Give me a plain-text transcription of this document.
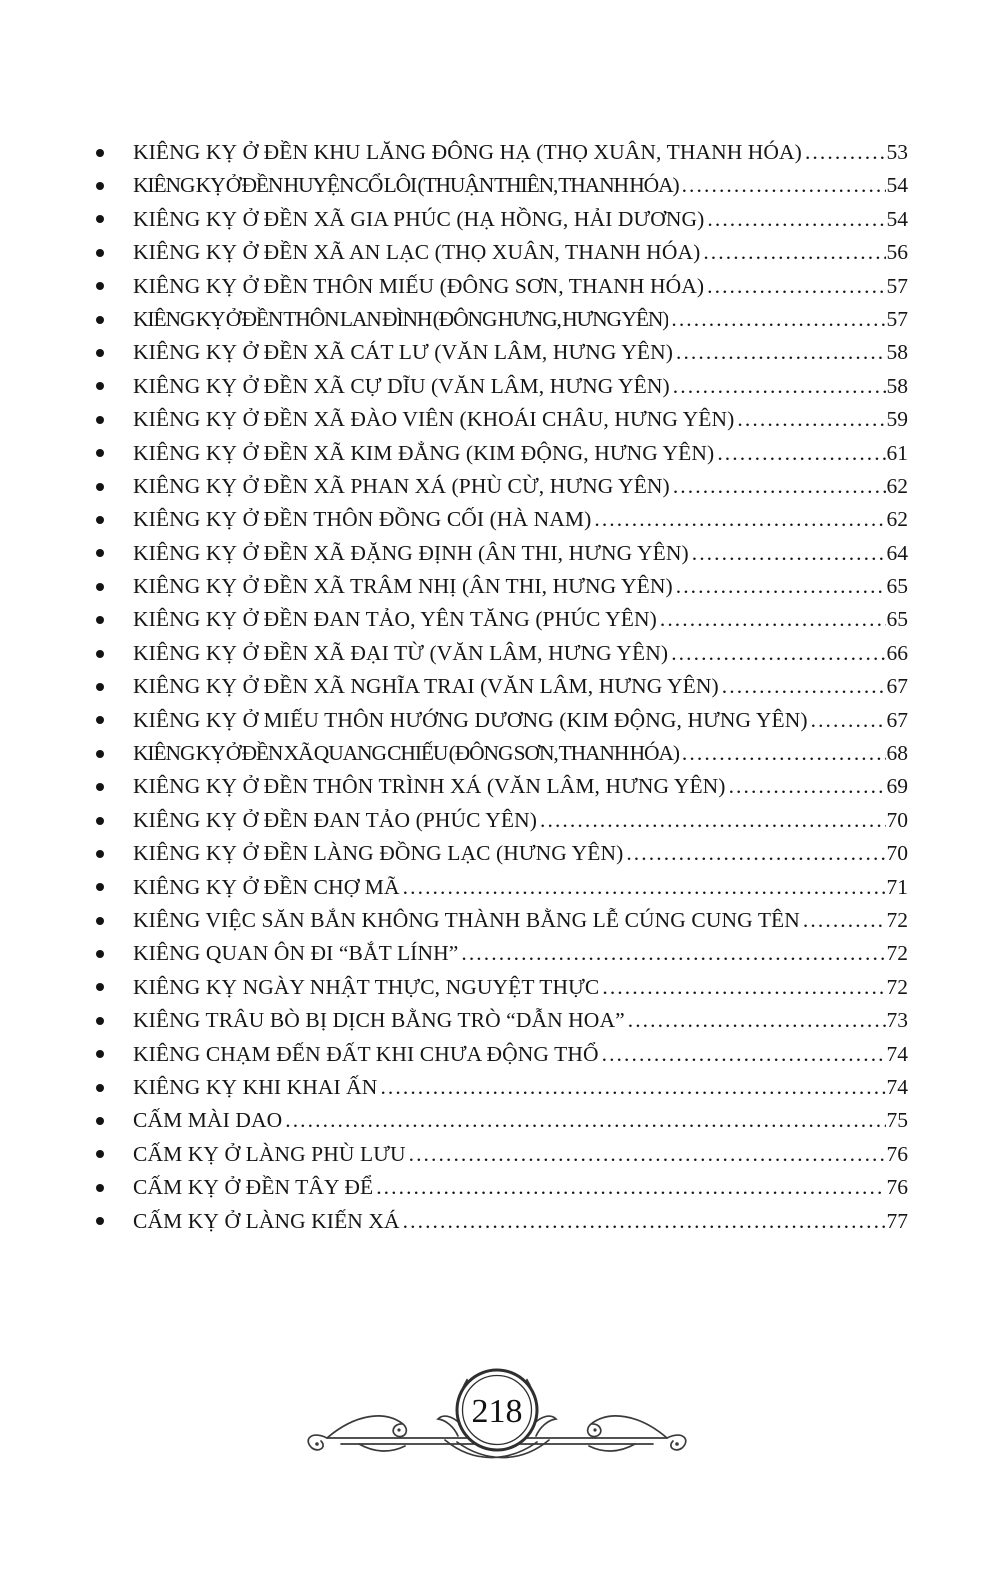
KIÊNG KỴ Ở ĐỀN KHU LĂNG ĐÔNG HẠ (THỌ XUÂN, THANH HÓA) .....	53
KIÊNG KỴ Ở ĐỀN HUYỆN CỔ LÔI (THUẬN THIÊN, THANH HÓA) .....	54
KIÊNG KỴ Ở ĐỀN XÃ GIA PHÚC (HẠ HỒNG, HẢI DƯƠNG) .....	54
KIÊNG KỴ Ở ĐỀN XÃ AN LẠC (THỌ XUÂN, THANH HÓA) .....	56
KIÊNG KỴ Ở ĐỀN THÔN MIẾU (ĐÔNG SƠN, THANH HÓA) .....	57
KIÊNG KỴ Ở ĐỀN THÔN LAN ĐÌNH (ĐÔNG HƯNG, HƯNG YÊN) .....	57
KIÊNG KỴ Ở ĐỀN XÃ CÁT LƯ (VĂN LÂM, HƯNG YÊN) .....	58
KIÊNG KỴ Ở ĐỀN XÃ CỰ DĨU (VĂN LÂM, HƯNG YÊN) .....	58
KIÊNG KỴ Ở ĐỀN XÃ ĐÀO VIÊN (KHOÁI CHÂU, HƯNG YÊN) .....	59
KIÊNG KỴ Ở ĐỀN XÃ KIM ĐẲNG (KIM ĐỘNG, HƯNG YÊN) .....	61
KIÊNG KỴ Ở ĐỀN XÃ PHAN XÁ (PHÙ CỪ, HƯNG YÊN) .....	62
KIÊNG KỴ Ở ĐỀN THÔN ĐỒNG CỐI (HÀ NAM) .....	62
KIÊNG KỴ Ở ĐỀN XÃ ĐẶNG ĐỊNH (ÂN THI, HƯNG YÊN) .....	64
KIÊNG KỴ Ở ĐỀN XÃ TRÂM NHỊ (ÂN THI, HƯNG YÊN) .....	65
KIÊNG KỴ Ở ĐỀN ĐAN TẢO, YÊN TĂNG (PHÚC YÊN) .....	65
KIÊNG KỴ Ở ĐỀN XÃ ĐẠI TỪ (VĂN LÂM, HƯNG YÊN) .....	66
KIÊNG KỴ Ở ĐỀN XÃ NGHĨA TRAI (VĂN LÂM, HƯNG YÊN) .....	67
KIÊNG KỴ Ở MIẾU THÔN HƯỚNG DƯƠNG (KIM ĐỘNG, HƯNG YÊN) .....	67
KIÊNG KỴ Ở ĐỀN XÃ QUANG CHIẾU (ĐÔNG SƠN, THANH HÓA) .....	68
KIÊNG KỴ Ở ĐỀN THÔN TRÌNH XÁ (VĂN LÂM, HƯNG YÊN) .....	69
KIÊNG KỴ Ở ĐỀN ĐAN TẢO (PHÚC YÊN) .....	70
KIÊNG KỴ Ở ĐỀN LÀNG ĐỒNG LẠC (HƯNG YÊN) .....	70
KIÊNG KỴ Ở ĐỀN CHỢ MÃ .....	71
KIÊNG VIỆC SĂN BẮN KHÔNG THÀNH BẰNG LỄ CÚNG CUNG TÊN .....	72
KIÊNG QUAN ÔN ĐI “BẮT LÍNH” .....	72
KIÊNG KỴ NGÀY NHẬT THỰC, NGUYỆT THỰC .....	72
KIÊNG TRÂU BÒ BỊ DỊCH BẰNG TRÒ “DẪN HOA” .....	73
KIÊNG CHẠM ĐẾN ĐẤT KHI CHƯA ĐỘNG THỔ .....	74
KIÊNG KỴ KHI KHAI ẤN .....	74
CẤM MÀI DAO .....	75
CẤM KỴ Ở LÀNG PHÙ LƯU .....	76
CẤM KỴ Ở ĐỀN TÂY ĐỂ .....	76
CẤM KỴ Ở LÀNG KIẾN XÁ .....	77
218
